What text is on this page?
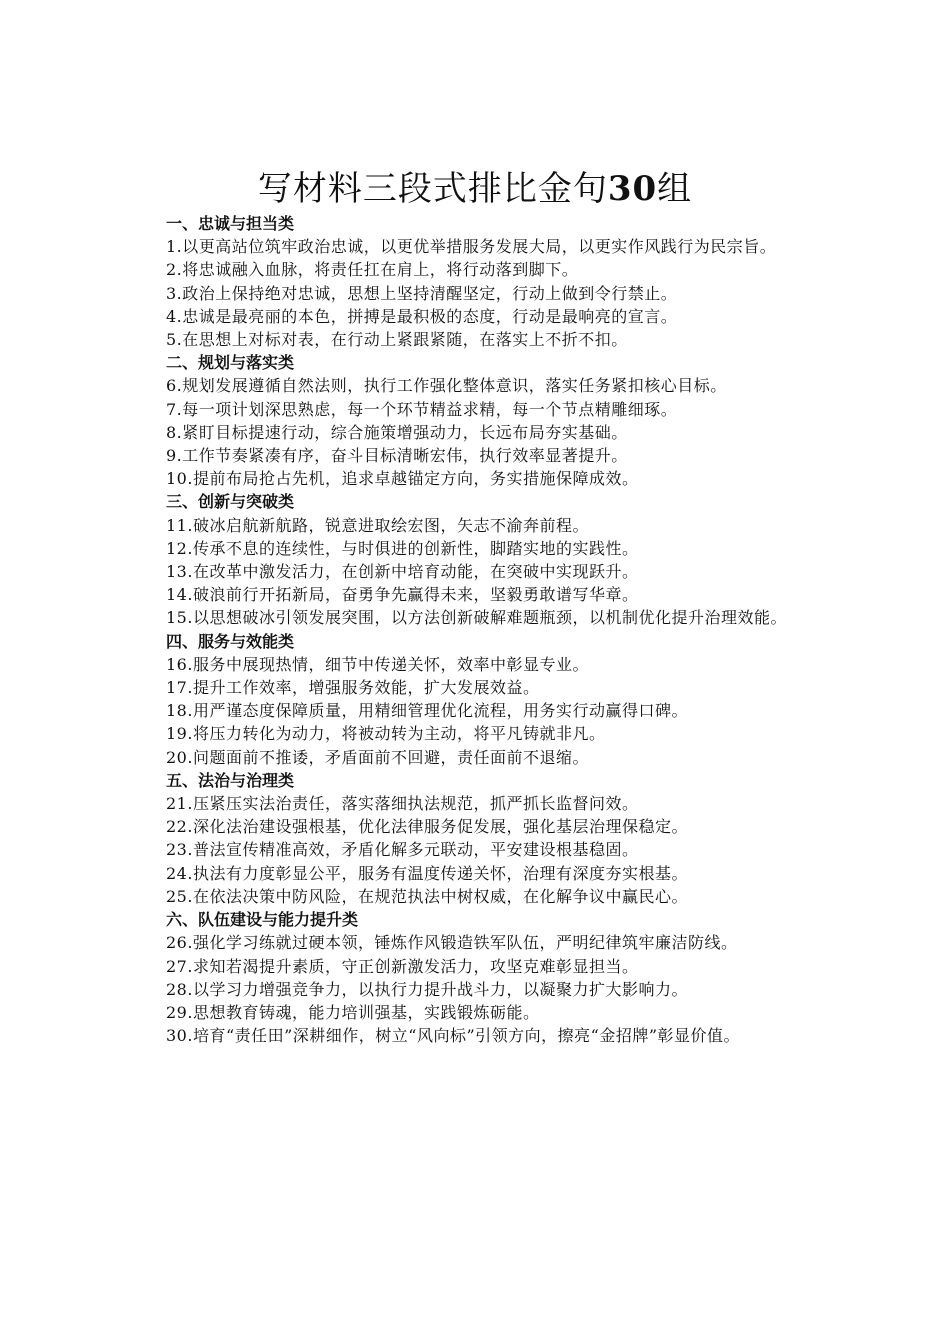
写材料三段式排比金句30组

一、忠诚与担当类

1.以更高站位筑牢政治忠诚，以更优举措服务发展大局，以更实作风践行为民宗旨。

2.将忠诚融入血脉，将责任扛在肩上，将行动落到脚下。

3.政治上保持绝对忠诚，思想上坚持清醒坚定，行动上做到令行禁止。

4.忠诚是最亮丽的本色，拼搏是最积极的态度，行动是最响亮的宣言。

5.在思想上对标对表，在行动上紧跟紧随，在落实上不折不扣。

二、规划与落实类

6.规划发展遵循自然法则，执行工作强化整体意识，落实任务紧扣核心目标。

7.每一项计划深思熟虑，每一个环节精益求精，每一个节点精雕细琢。

8.紧盯目标提速行动，综合施策增强动力，长远布局夯实基础。

9.工作节奏紧凑有序，奋斗目标清晰宏伟，执行效率显著提升。

10.提前布局抢占先机，追求卓越锚定方向，务实措施保障成效。

三、创新与突破类

11.破冰启航新航路，锐意进取绘宏图，矢志不渝奔前程。

12.传承不息的连续性，与时俱进的创新性，脚踏实地的实践性。

13.在改革中激发活力，在创新中培育动能，在突破中实现跃升。

14.破浪前行开拓新局，奋勇争先赢得未来，坚毅勇敢谱写华章。

15.以思想破冰引领发展突围，以方法创新破解难题瓶颈，以机制优化提升治理效能。

四、服务与效能类

16.服务中展现热情，细节中传递关怀，效率中彰显专业。

17.提升工作效率，增强服务效能，扩大发展效益。

18.用严谨态度保障质量，用精细管理优化流程，用务实行动赢得口碑。

19.将压力转化为动力，将被动转为主动，将平凡铸就非凡。

20.问题面前不推诿，矛盾面前不回避，责任面前不退缩。

五、法治与治理类

21.压紧压实法治责任，落实落细执法规范，抓严抓长监督问效。

22.深化法治建设强根基，优化法律服务促发展，强化基层治理保稳定。

23.普法宣传精准高效，矛盾化解多元联动，平安建设根基稳固。

24.执法有力度彰显公平，服务有温度传递关怀，治理有深度夯实根基。

25.在依法决策中防风险，在规范执法中树权威，在化解争议中赢民心。

六、队伍建设与能力提升类

26.强化学习练就过硬本领，锤炼作风锻造铁军队伍，严明纪律筑牢廉洁防线。

27.求知若渴提升素质，守正创新激发活力，攻坚克难彰显担当。

28.以学习力增强竞争力，以执行力提升战斗力，以凝聚力扩大影响力。

29.思想教育铸魂，能力培训强基，实践锻炼砺能。

30.培育“责任田”深耕细作，树立“风向标”引领方向，擦亮“金招牌”彰显价值。
